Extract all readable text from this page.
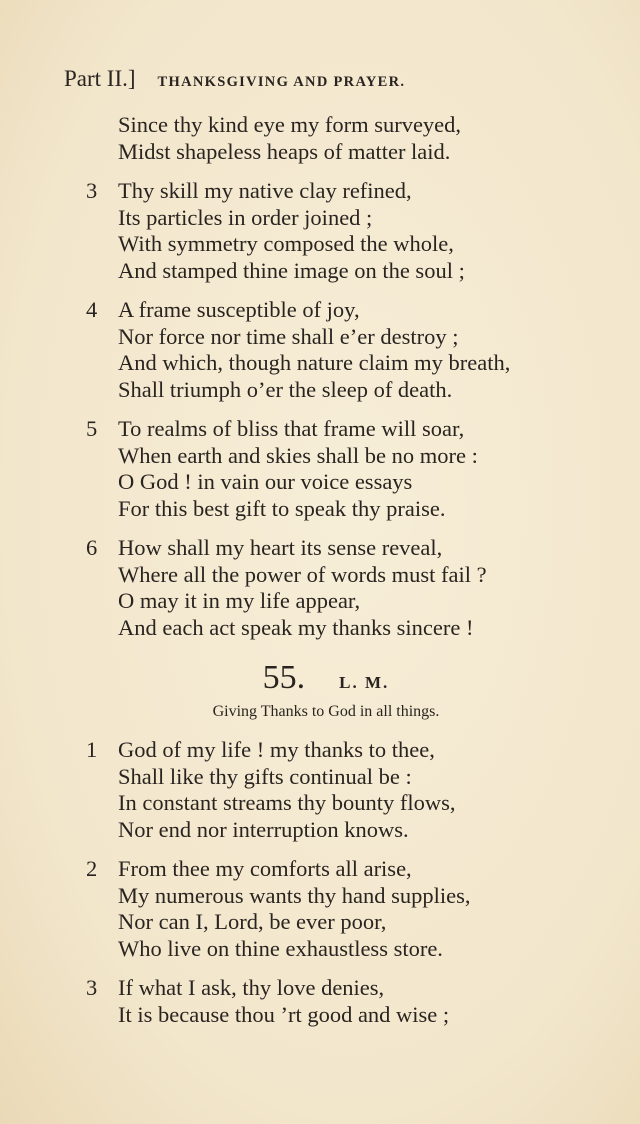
Part II.] THANKSGIVING AND PRAYER.
Since thy kind eye my form surveyed,
Midst shapeless heaps of matter laid.
3 Thy skill my native clay refined,
Its particles in order joined ;
With symmetry composed the whole,
And stamped thine image on the soul ;
4 A frame susceptible of joy,
Nor force nor time shall e’er destroy ;
And which, though nature claim my breath,
Shall triumph o’er the sleep of death.
5 To realms of bliss that frame will soar,
When earth and skies shall be no more :
O God ! in vain our voice essays
For this best gift to speak thy praise.
6 How shall my heart its sense reveal,
Where all the power of words must fail ?
O may it in my life appear,
And each act speak my thanks sincere !
55. L. M.
Giving Thanks to God in all things.
1 God of my life ! my thanks to thee,
Shall like thy gifts continual be :
In constant streams thy bounty flows,
Nor end nor interruption knows.
2 From thee my comforts all arise,
My numerous wants thy hand supplies,
Nor can I, Lord, be ever poor,
Who live on thine exhaustless store.
3 If what I ask, thy love denies,
It is because thou ’rt good and wise ;
